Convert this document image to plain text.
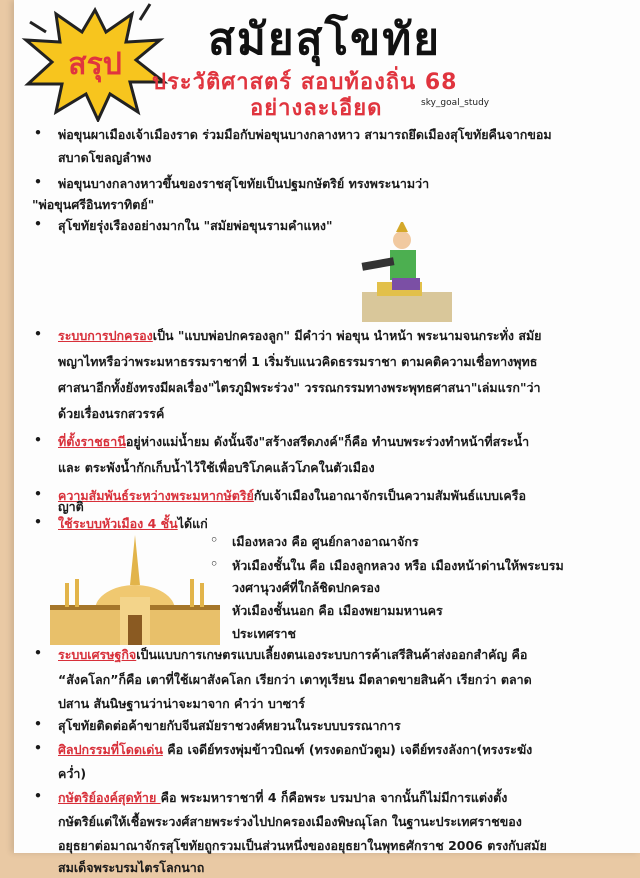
สรุป สมัยสุโขทัย
ประวัติศาสตร์ สอบท้องถิ่น 68
อย่างละเอียด	sky_goal_study
• พ่อขุนผาเมืองเจ้าเมืองราด ร่วมมือกับพ่อขุนบางกลางหาว สามารถยึดเมืองสุโขทัยคืนจากขอม
สบาดโขลญลำพง
• พ่อขุนบางกลางหาวขึ้นของราชสุโขทัยเป็นปฐมกษัตริย์ ทรงพระนามว่า
"พ่อขุนศรีอินทราทิตย์"
• สุโขทัยรุ่งเรืองอย่างมากใน "สมัยพ่อขุนรามคำแหง"
• ระบบการปกครองเป็น "แบบพ่อปกครองลูก" มีคำว่า พ่อขุน นำหน้า พระนามจนกระทั่ง สมัย
พญาไทหรือว่าพระมหาธรรมราชาที่ 1 เริ่มรับแนวคิดธรรมราชา ตามคติความเชื่อทางพุทธ
ศาสนาอีกทั้งยังทรงมีผลเรื่อง"ไตรภูมิพระร่วง" วรรณกรรมทางพระพุทธศาสนา"เล่มแรก"ว่า
ด้วยเรื่องนรกสวรรค์
• ที่ตั้งราชธานีอยู่ห่างแม่น้ำยม ดังนั้นจึง"สร้างสรีดภงค์"ก็คือ ทำนบพระร่วงทำหน้าที่สระน้ำ
และ ตระพังน้ำกักเก็บน้ำไว้ใช้เพื่อบริโภคแล้วโภคในตัวเมือง
• ความสัมพันธ์ระหว่างพระมหากษัตริย์กับเจ้าเมืองในอาณาจักรเป็นความสัมพันธ์แบบเครือ
ญาติ
• ใช้ระบบหัวเมือง 4 ชั้นได้แก่
◦ เมืองหลวง คือ ศูนย์กลางอาณาจักร
◦ หัวเมืองชั้นใน คือ เมืองลูกหลวง หรือ เมืองหน้าด่านให้พระบรม
วงศานุวงศ์ที่ใกล้ชิดปกครอง
◦ หัวเมืองชั้นนอก คือ เมืองพยามมหานคร
ประเทศราช
• ระบบเศรษฐกิจเป็นแบบการเกษตรแบบเลี้ยงตนเองระบบการค้าเสรีสินค้าส่งออกสำคัญ คือ
“สังคโลก”ก็คือ เตาที่ใช้เผาสังคโลก เรียกว่า เตาทุเรียน มีตลาดขายสินค้า เรียกว่า ตลาด
ปสาน สันนิษฐานว่าน่าจะมาจาก คำว่า บาซาร์
• สุโขทัยติดต่อค้าขายกับจีนสมัยราชวงศ์หยวนในระบบบรรณาการ
• ศิลปกรรมที่โดดเด่น คือ เจดีย์ทรงพุ่มข้าวบิณฑ์ (ทรงดอกบัวตูม) เจดีย์ทรงลังกา(ทรงระฆัง
คว่ำ)
• กษัตริย์องค์สุดท้าย คือ พระมหาราชาที่ 4 ก็คือพระ บรมปาล จากนั้นก็ไม่มีการแต่งตั้ง
กษัตริย์แต่ให้เชื้อพระวงศ์สายพระร่วงไปปกครองเมืองพิษณุโลก ในฐานะประเทศราชของ
อยุธยาต่อมาณาจักรสุโขทัยถูกรวมเป็นส่วนหนึ่งของอยุธยาในพุทธศักราช 2006 ตรงกับสมัย
สมเด็จพระบรมไตรโลกนาถ
